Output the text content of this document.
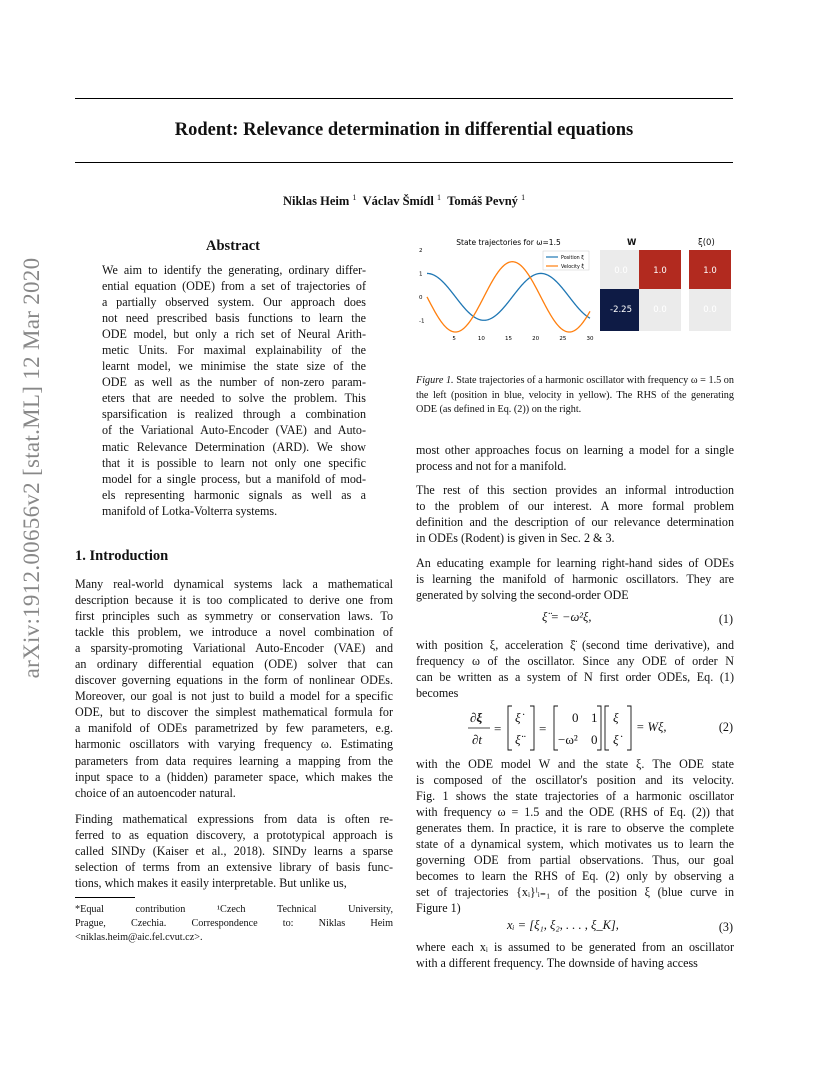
arXiv:1912.00656v2 [stat.ML] 12 Mar 2020
Rodent: Relevance determination in differential equations
Niklas Heim $^1$ Václav Šmídl $^1$ Tomáš Pevný $^1$
Abstract
We aim to identify the generating, ordinary differ-
ential equation (ODE) from a set of trajectories of
a partially observed system. Our approach does
not need prescribed basis functions to learn the
ODE model, but only a rich set of Neural Arith-
metic Units. For maximal explainability of the
learnt model, we minimise the state size of the
ODE as well as the number of non-zero param-
eters that are needed to solve the problem. This
sparsification is realized through a combination
of the Variational Auto-Encoder (VAE) and Auto-
matic Relevance Determination (ARD). We show
that it is possible to learn not only one specific
model for a single process, but a manifold of mod-
els representing harmonic signals as well as a
manifold of Lotka-Volterra systems.
1. Introduction
Many real-world dynamical systems lack a mathematical
description because it is too complicated to derive one from
first principles such as symmetry or conservation laws. To
tackle this problem, we introduce a novel combination of
a sparsity-promoting Variational Auto-Encoder (VAE) and
an ordinary differential equation (ODE) solver that can
discover governing equations in the form of nonlinear ODEs.
Moreover, our goal is not just to build a model for a specific
ODE, but to discover the simplest mathematical formula for
a manifold of ODEs parametrized by few parameters, e.g.
harmonic oscillators with varying frequency ω. Estimating
parameters from data requires learning a mapping from the
input space to a (hidden) parameter space, which makes the
choice of an autoencoder natural.
Finding mathematical expressions from data is often re-
ferred to as equation discovery, a prototypical approach is
called SINDy (Kaiser et al., 2018). SINDy learns a sparse
selection of terms from an extensive library of basis func-
tions, which makes it easily interpretable. But unlike us,
*Equal contribution ¹Czech Technical University,
Prague, Czechia. Correspondence to: Niklas Heim
<niklas.heim@aic.fel.cvut.cz>.
State trajectories for ω=1.5
2
1
0
-1
5	10	15	20	25	30
Position ξ
Velocity ξ̇
W	ξ(0)
0.0	1.0
-2.25	0.0
1.0
0.0
Figure 1. State trajectories of a harmonic oscillator with frequency ω = 1.5 on the left (position in blue, velocity in yellow). The RHS of the generating ODE (as defined in Eq. (2)) on the right.
most other approaches focus on learning a model for a single
process and not for a manifold.
The rest of this section provides an informal introduction
to the problem of our interest. A more formal problem
definition and the description of our relevance determination
in ODEs (Rodent) is given in Sec. 2 & 3.
An educating example for learning right-hand sides of ODEs
is learning the manifold of harmonic oscillators. They are
generated by solving the second-order ODE
ξ̈ = −ω²ξ,	(1)
with position ξ, acceleration ξ̈ (second time derivative), and
frequency ω of the oscillator. Since any ODE of order N
can be written as a system of N first order ODEs, Eq. (1)
becomes
∂ξ
∂t
=
ξ̇
ξ̈
=
0 1
−ω² 0
ξ
ξ̇
= Wξ,	(2)
with the ODE model W and the state ξ. The ODE state
is composed of the oscillator's position and its velocity.
Fig. 1 shows the state trajectories of a harmonic oscillator
with frequency ω = 1.5 and the ODE (RHS of Eq. (2)) that
generates them. In practice, it is rare to observe the complete
state of a dynamical system, which motivates us to learn the
governing ODE from partial observations. Thus, our goal
becomes to learn the RHS of Eq. (2) only by observing a
set of trajectories {xᵢ}ˡᵢ₌₁ of the position ξ (blue curve in
Figure 1)
xᵢ = [ξ₁, ξ₂, . . . , ξ_K],	(3)
where each xᵢ is assumed to be generated from an oscillator
with a different frequency. The downside of having access
